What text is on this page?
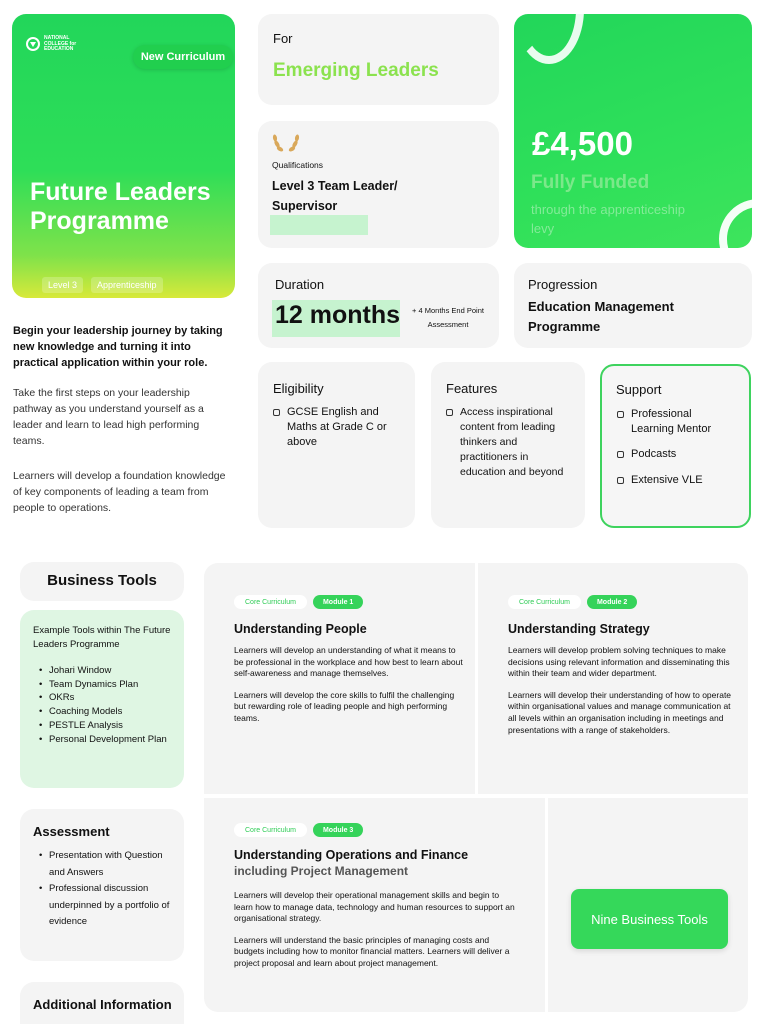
NATIONAL COLLEGE for EDUCATION
New Curriculum
Future Leaders Programme
Level 3	Apprenticeship
Begin your leadership journey by taking new knowledge and turning it into practical application within your role.
Take the first steps on your leadership pathway as you understand yourself as a leader and learn to lead high performing teams.
Learners will develop a foundation knowledge of key components of leading a team from people to operations.
For
Emerging Leaders
Qualifications
Level 3 Team Leader/ Supervisor
£4,500
Fully Funded
through the apprenticeship levy
Duration
12 months	+ 4 Months End Point Assessment
Progression
Education Management Programme
Eligibility
GCSE English and Maths at Grade C or above
Features
Access inspirational content from leading thinkers and practitioners in education and beyond
Support
Professional Learning Mentor
Podcasts
Extensive VLE
Business Tools
Example Tools within The Future Leaders Programme
• Johari Window
• Team Dynamics Plan
• OKRs
• Coaching Models
• PESTLE Analysis
• Personal Development Plan
Assessment
• Presentation with Question and Answers
• Professional discussion underpinned by a portfolio of evidence
Additional Information
Core Curriculum	Module 1
Understanding People
Learners will develop an understanding of what it means to be professional in the workplace and how best to learn about self-awareness and manage themselves.
Learners will develop the core skills to fulfil the challenging but rewarding role of leading people and high performing teams.
Core Curriculum	Module 2
Understanding Strategy
Learners will develop problem solving techniques to make decisions using relevant information and disseminating this within their team and wider department.
Learners will develop their understanding of how to operate within organisational values and manage communication at all levels within an organisation including in meetings and presentations with a range of stakeholders.
Core Curriculum	Module 3
Understanding Operations and Finance
including Project Management
Learners will develop their operational management skills and begin to learn how to manage data, technology and human resources to support an organisational strategy.
Learners will understand the basic principles of managing costs and budgets including how to monitor financial matters. Learners will deliver a project proposal and learn about project management.
Nine Business Tools
